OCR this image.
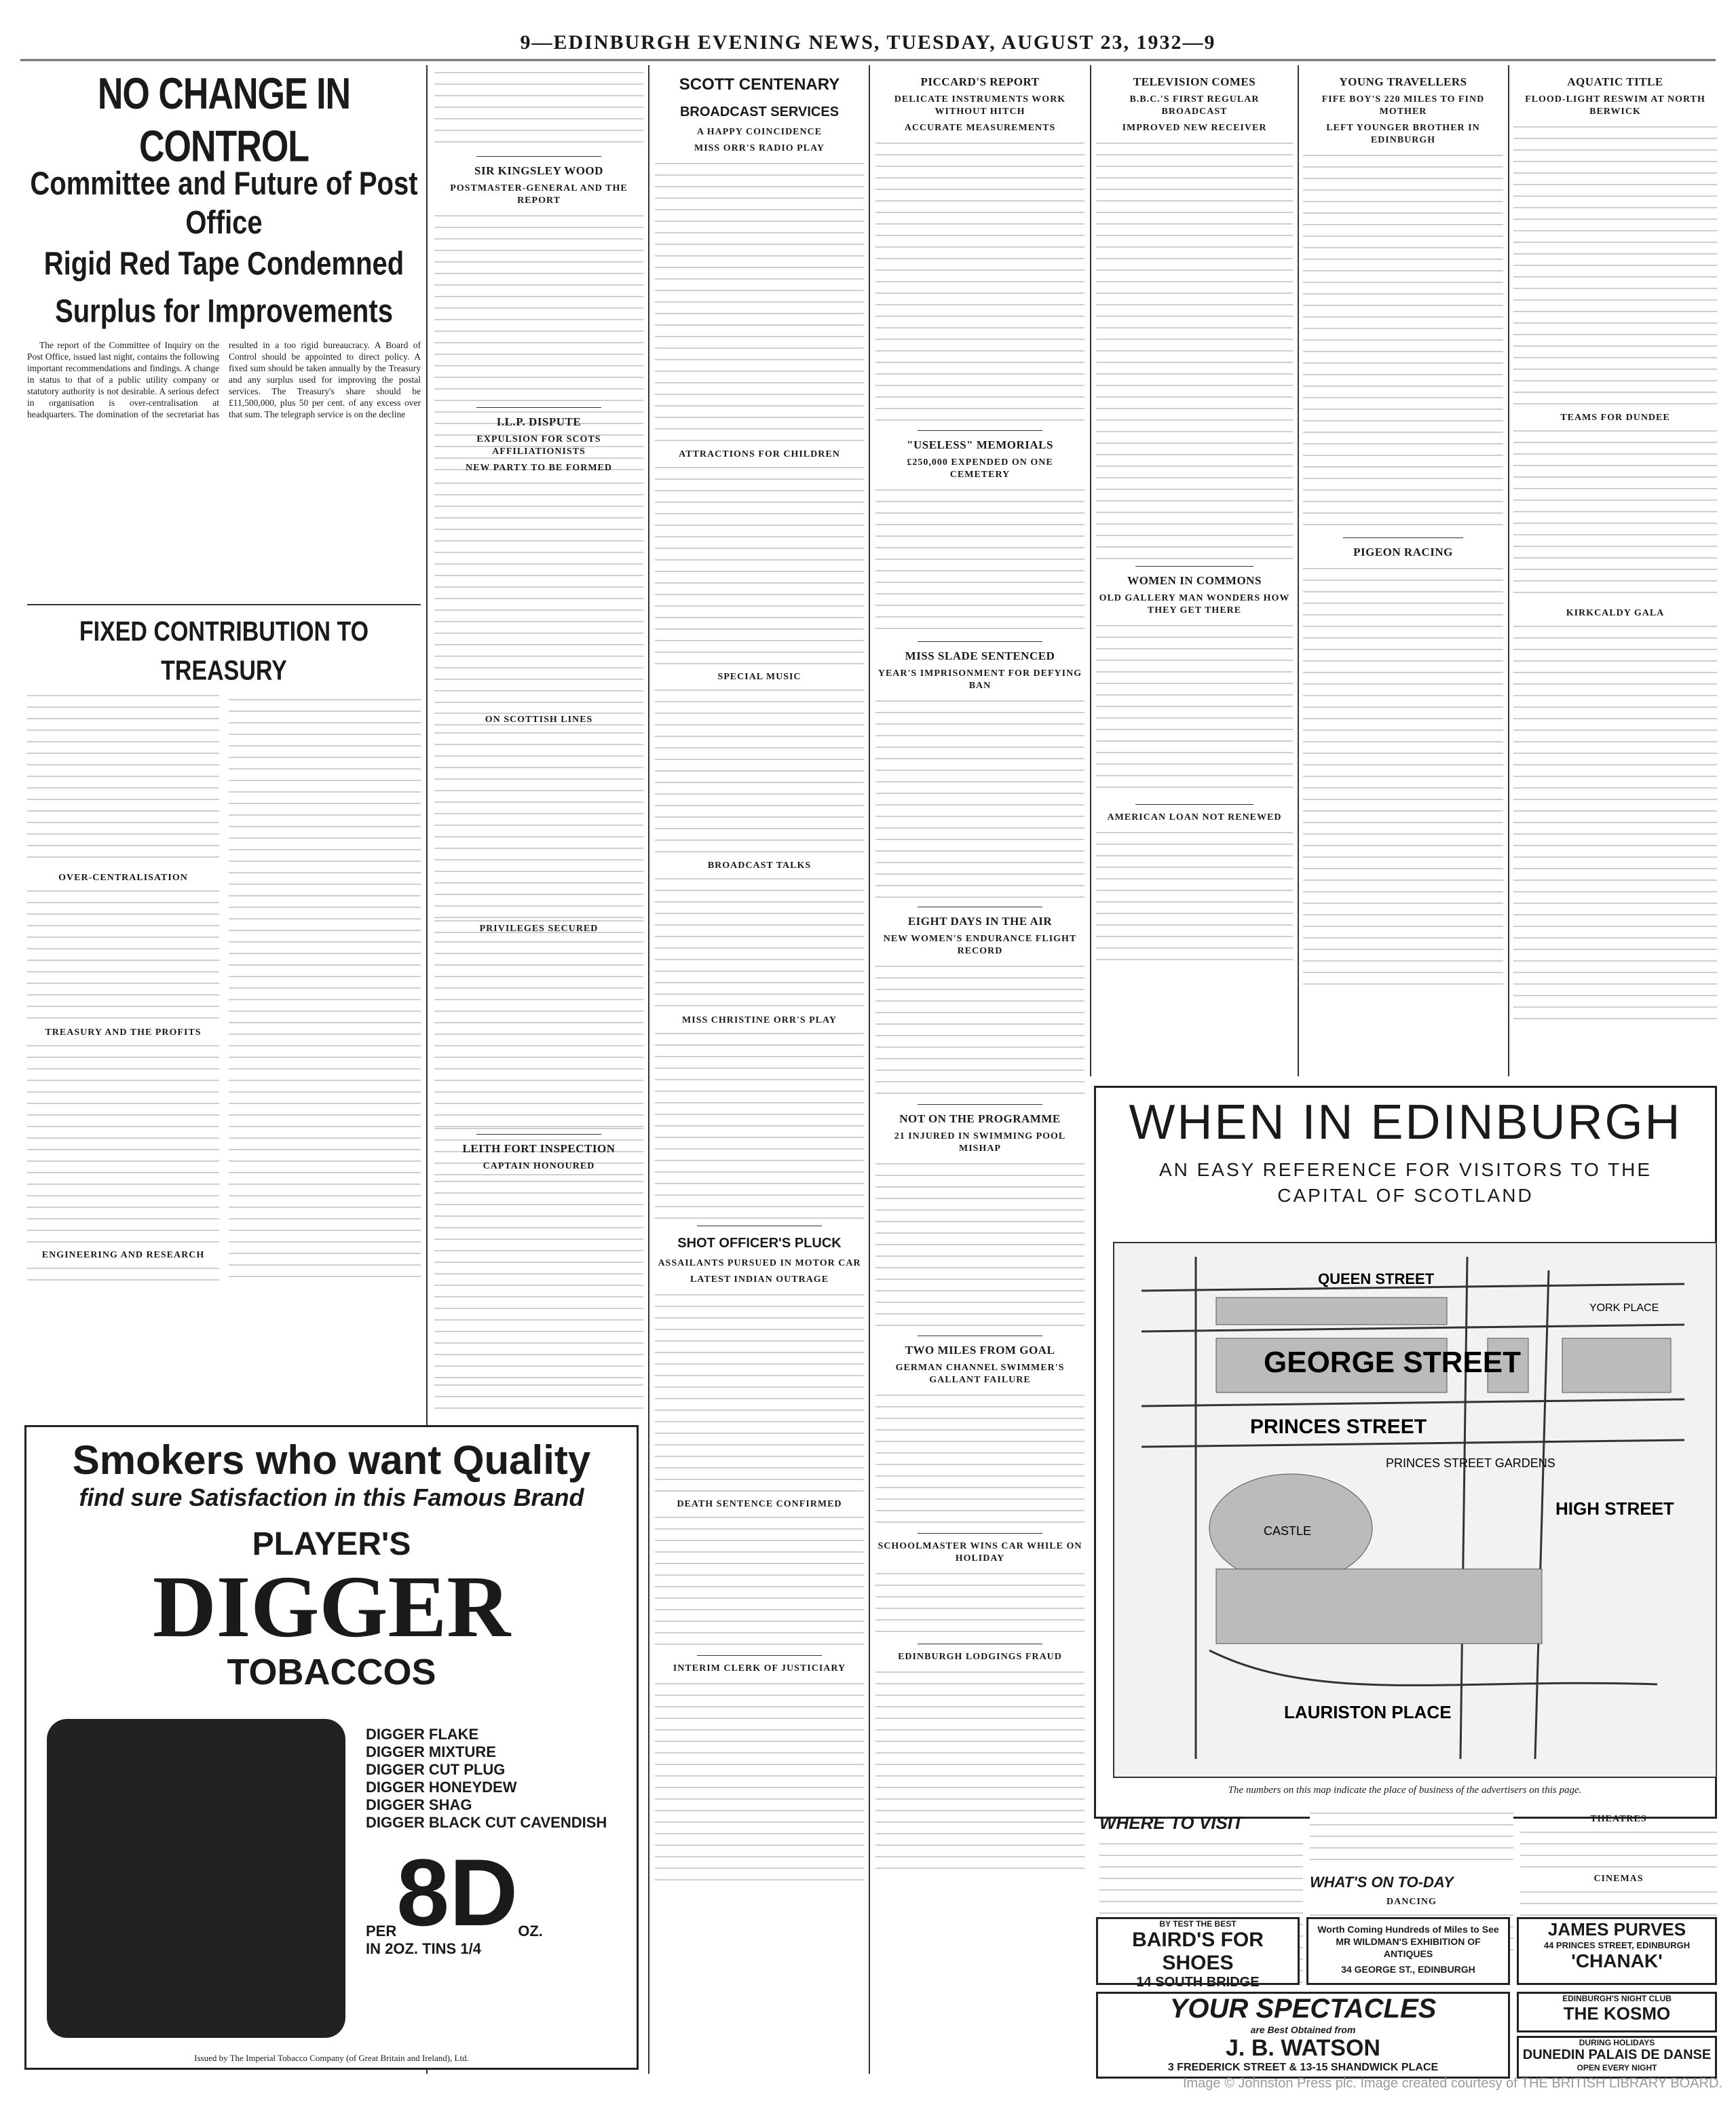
9—EDINBURGH EVENING NEWS, TUESDAY, AUGUST 23, 1932—9
NO CHANGE IN CONTROL
Committee and Future of Post Office
Rigid Red Tape Condemned
Surplus for Improvements

The report of the Committee of Inquiry on the Post Office, issued last night, contains the following important recommendations and findings. A change in status to that of a public utility company or statutory authority is not desirable. A serious defect in organisation is over-centralisation at headquarters. The domination of the secretariat has resulted in a too rigid bureaucracy. A Board of Control should be appointed to direct policy. A fixed sum should be taken annually by the Treasury and any surplus used for improving the postal services. The Treasury's share should be £11,500,000, plus 50 per cent. of any excess over that sum. The telegraph service is on the decline

FIXED CONTRIBUTION TO TREASURY
OVER-CENTRALISATION
TREASURY AND THE PROFITS
ENGINEERING AND RESEARCH
SIR KINGSLEY WOOD
POSTMASTER-GENERAL AND THE REPORT
I.L.P. DISPUTE
EXPULSION FOR SCOTS AFFILIATIONISTS
NEW PARTY TO BE FORMED
ON SCOTTISH LINES
PRIVILEGES SECURED
LEITH FORT INSPECTION
CAPTAIN HONOURED
SCOTT CENTENARY
BROADCAST SERVICES
A HAPPY COINCIDENCE
MISS ORR'S RADIO PLAY
ATTRACTIONS FOR CHILDREN
SPECIAL MUSIC
BROADCAST TALKS
MISS CHRISTINE ORR'S PLAY
SHOT OFFICER'S PLUCK
ASSAILANTS PURSUED IN MOTOR CAR
LATEST INDIAN OUTRAGE
DEATH SENTENCE CONFIRMED
INTERIM CLERK OF JUSTICIARY
PICCARD'S REPORT
DELICATE INSTRUMENTS WORK WITHOUT HITCH
ACCURATE MEASUREMENTS
"USELESS" MEMORIALS
£250,000 EXPENDED ON ONE CEMETERY
MISS SLADE SENTENCED
YEAR'S IMPRISONMENT FOR DEFYING BAN
EIGHT DAYS IN THE AIR
NEW WOMEN'S ENDURANCE FLIGHT RECORD
NOT ON THE PROGRAMME
21 INJURED IN SWIMMING POOL MISHAP
TWO MILES FROM GOAL
GERMAN CHANNEL SWIMMER'S GALLANT FAILURE
SCHOOLMASTER WINS CAR WHILE ON HOLIDAY
EDINBURGH LODGINGS FRAUD
TELEVISION COMES
B.B.C.'S FIRST REGULAR BROADCAST
IMPROVED NEW RECEIVER
WOMEN IN COMMONS
OLD GALLERY MAN WONDERS HOW THEY GET THERE
AMERICAN LOAN NOT RENEWED
YOUNG TRAVELLERS
FIFE BOY'S 220 MILES TO FIND MOTHER
LEFT YOUNGER BROTHER IN EDINBURGH
PIGEON RACING
AQUATIC TITLE
FLOOD-LIGHT RESWIM AT NORTH BERWICK
TEAMS FOR DUNDEE
KIRKCALDY GALA
WHEN IN EDINBURGH
AN EASY REFERENCE FOR VISITORS TO THE CAPITAL OF SCOTLAND
QUEEN STREET
GEORGE STREET
PRINCES STREET
PRINCES STREET GARDENS
LAURISTON PLACE
HIGH STREET
YORK PLACE
CASTLE
The numbers on this map indicate the place of business of the advertisers on this page.
WHERE TO VISIT
WHAT'S ON TO-DAY
DANCING
THEATRES
CINEMAS
Smokers who want Quality
find sure Satisfaction in this Famous Brand
PLAYER'S
DIGGER
TOBACCOS
DIGGER FLAKE
DIGGER MIXTURE
DIGGER CUT PLUG
DIGGER HONEYDEW
DIGGER SHAG
DIGGER BLACK CUT CAVENDISH
PER 8D OZ.
IN 2OZ. TINS 1/4
Issued by The Imperial Tobacco Company (of Great Britain and Ireland), Ltd.
BY TEST THE BEST
BAIRD'S FOR SHOES
14 SOUTH BRIDGE
Worth Coming Hundreds of Miles to See MR WILDMAN'S EXHIBITION OF ANTIQUES
34 GEORGE ST., EDINBURGH
JAMES PURVES
44 PRINCES STREET, EDINBURGH
'CHANAK'
YOUR SPECTACLES
are Best Obtained from
J. B. WATSON
3 FREDERICK STREET & 13-15 SHANDWICK PLACE
EDINBURGH'S NIGHT CLUB
THE KOSMO
DURING HOLIDAYS
DUNEDIN PALAIS DE DANSE
OPEN EVERY NIGHT
Image © Johnston Press plc. Image created courtesy of THE BRITISH LIBRARY BOARD.
